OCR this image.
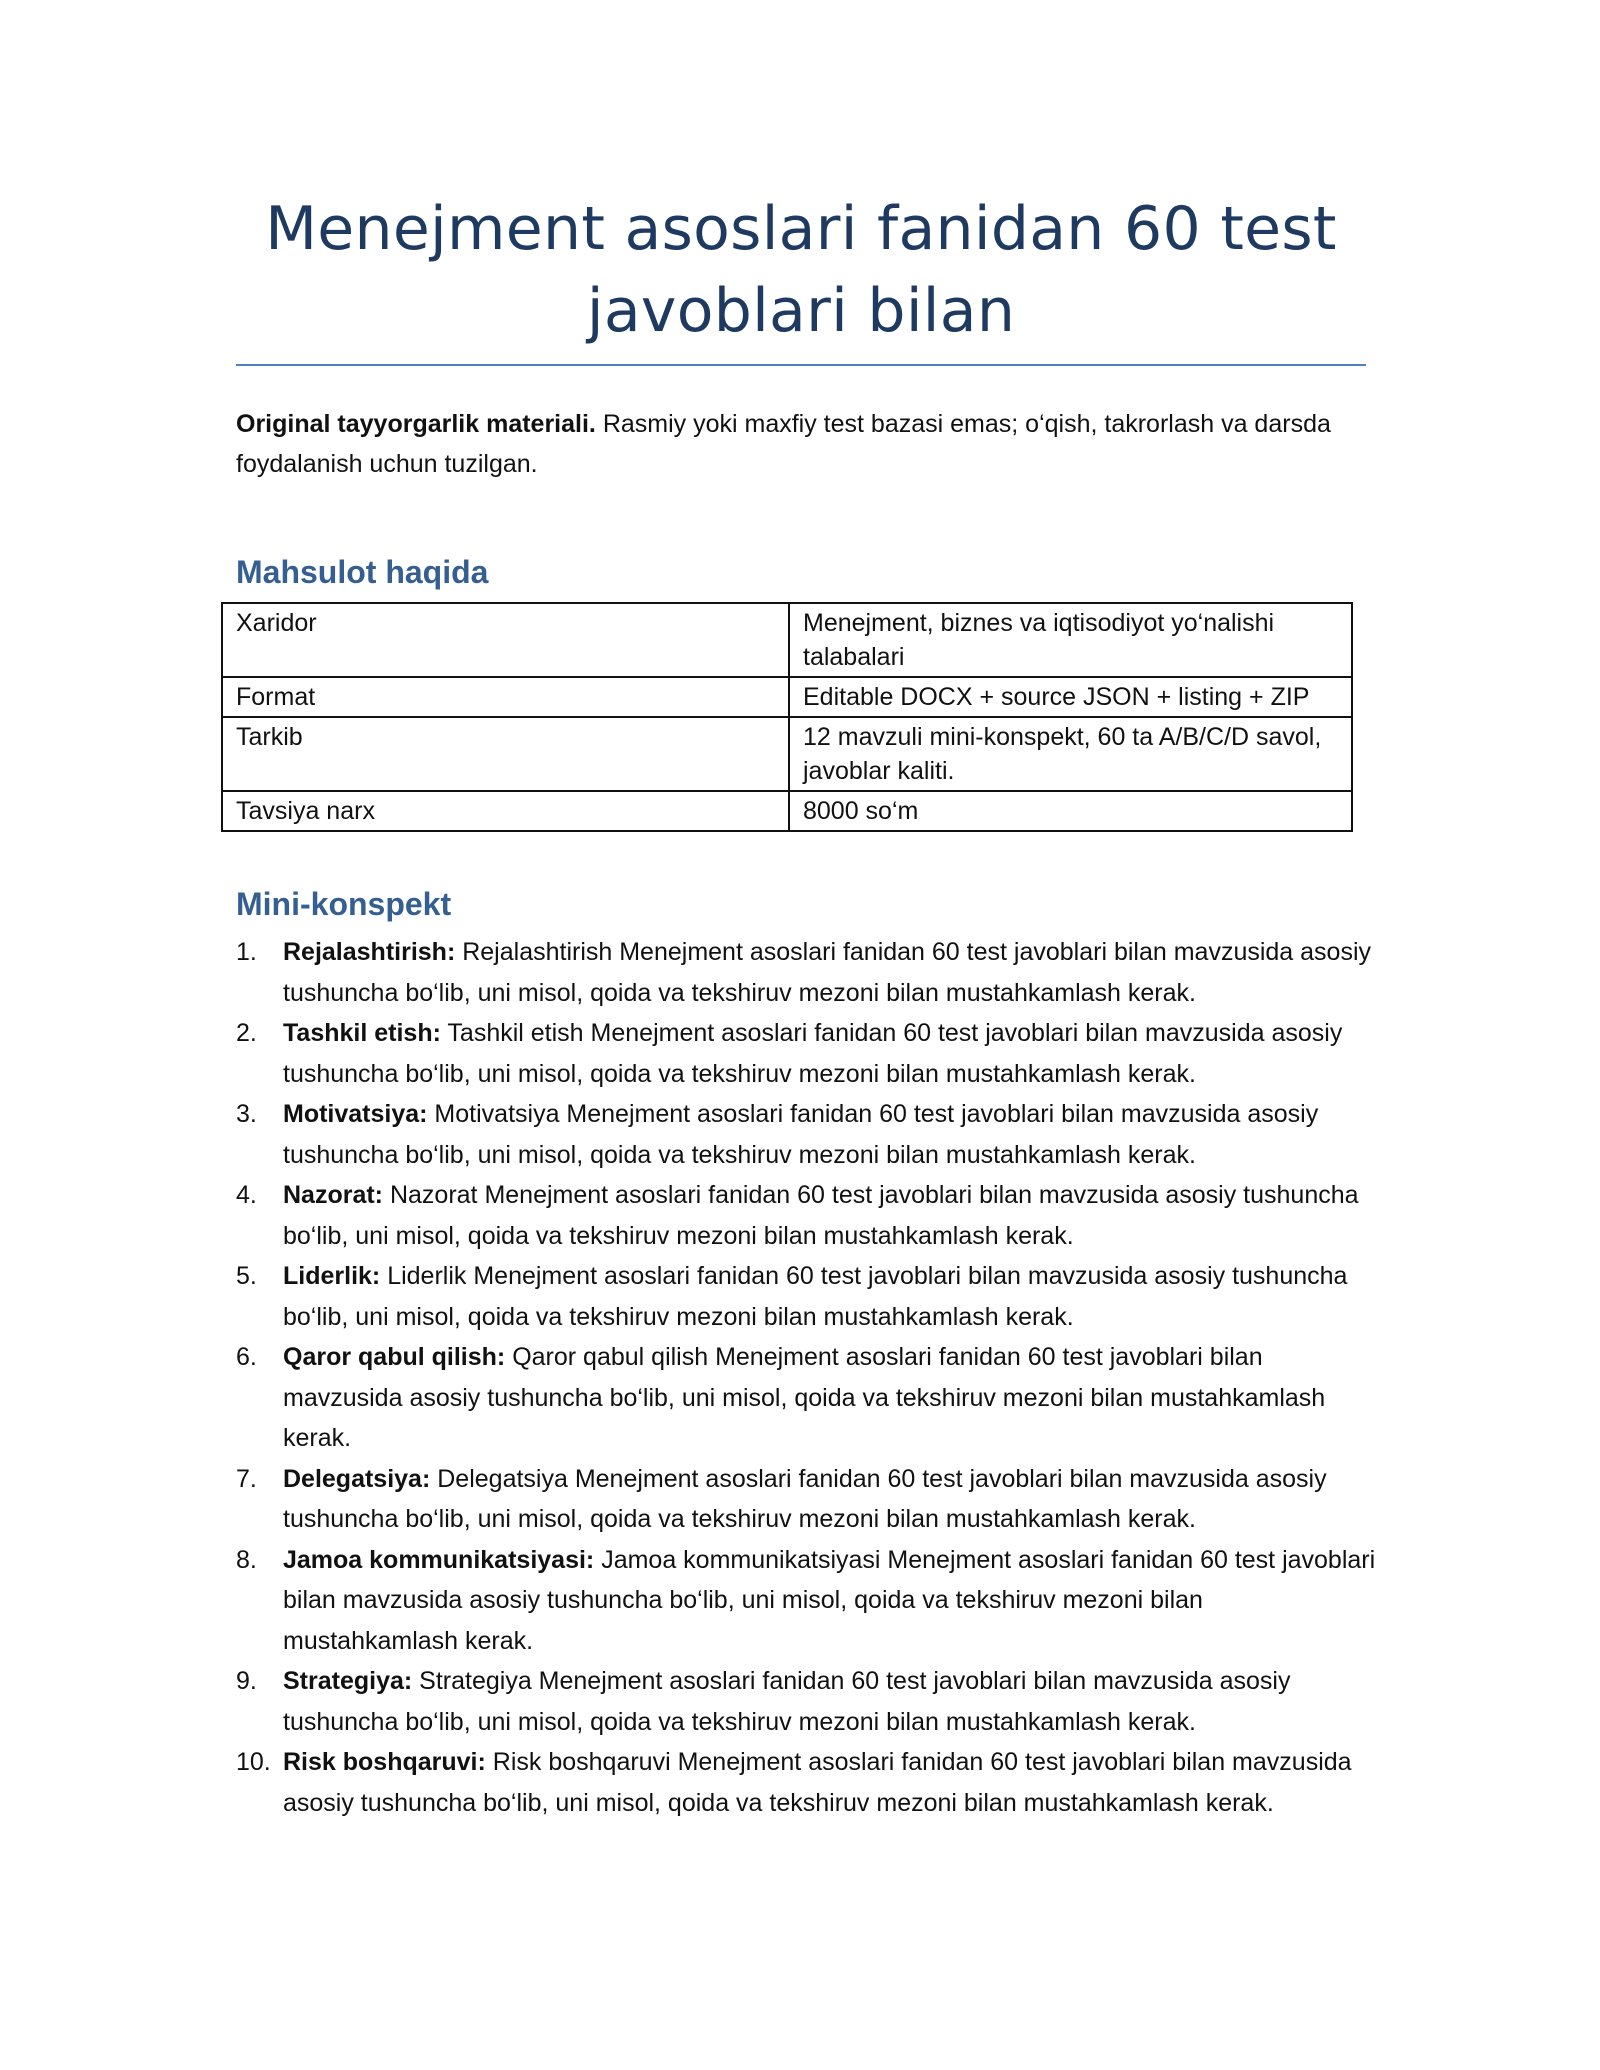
Menejment asoslari fanidan 60 test javoblari bilan

Original tayyorgarlik materiali. Rasmiy yoki maxfiy test bazasi emas; o‘qish, takrorlash va darsda foydalanish uchun tuzilgan.

Mahsulot haqida
Xaridor	Menejment, biznes va iqtisodiyot yo‘nalishi talabalari
Format	Editable DOCX + source JSON + listing + ZIP
Tarkib	12 mavzuli mini-konspekt, 60 ta A/B/C/D savol, javoblar kaliti.
Tavsiya narx	8000 so‘m
Mini-konspekt
1. Rejalashtirish: Rejalashtirish Menejment asoslari fanidan 60 test javoblari bilan mavzusida asosiy tushuncha bo‘lib, uni misol, qoida va tekshiruv mezoni bilan mustahkamlash kerak.
2. Tashkil etish: Tashkil etish Menejment asoslari fanidan 60 test javoblari bilan mavzusida asosiy tushuncha bo‘lib, uni misol, qoida va tekshiruv mezoni bilan mustahkamlash kerak.
3. Motivatsiya: Motivatsiya Menejment asoslari fanidan 60 test javoblari bilan mavzusida asosiy tushuncha bo‘lib, uni misol, qoida va tekshiruv mezoni bilan mustahkamlash kerak.
4. Nazorat: Nazorat Menejment asoslari fanidan 60 test javoblari bilan mavzusida asosiy tushuncha bo‘lib, uni misol, qoida va tekshiruv mezoni bilan mustahkamlash kerak.
5. Liderlik: Liderlik Menejment asoslari fanidan 60 test javoblari bilan mavzusida asosiy tushuncha bo‘lib, uni misol, qoida va tekshiruv mezoni bilan mustahkamlash kerak.
6. Qaror qabul qilish: Qaror qabul qilish Menejment asoslari fanidan 60 test javoblari bilan mavzusida asosiy tushuncha bo‘lib, uni misol, qoida va tekshiruv mezoni bilan mustahkamlash kerak.
7. Delegatsiya: Delegatsiya Menejment asoslari fanidan 60 test javoblari bilan mavzusida asosiy tushuncha bo‘lib, uni misol, qoida va tekshiruv mezoni bilan mustahkamlash kerak.
8. Jamoa kommunikatsiyasi: Jamoa kommunikatsiyasi Menejment asoslari fanidan 60 test javoblari bilan mavzusida asosiy tushuncha bo‘lib, uni misol, qoida va tekshiruv mezoni bilan mustahkamlash kerak.
9. Strategiya: Strategiya Menejment asoslari fanidan 60 test javoblari bilan mavzusida asosiy tushuncha bo‘lib, uni misol, qoida va tekshiruv mezoni bilan mustahkamlash kerak.
10. Risk boshqaruvi: Risk boshqaruvi Menejment asoslari fanidan 60 test javoblari bilan mavzusida asosiy tushuncha bo‘lib, uni misol, qoida va tekshiruv mezoni bilan mustahkamlash kerak.
